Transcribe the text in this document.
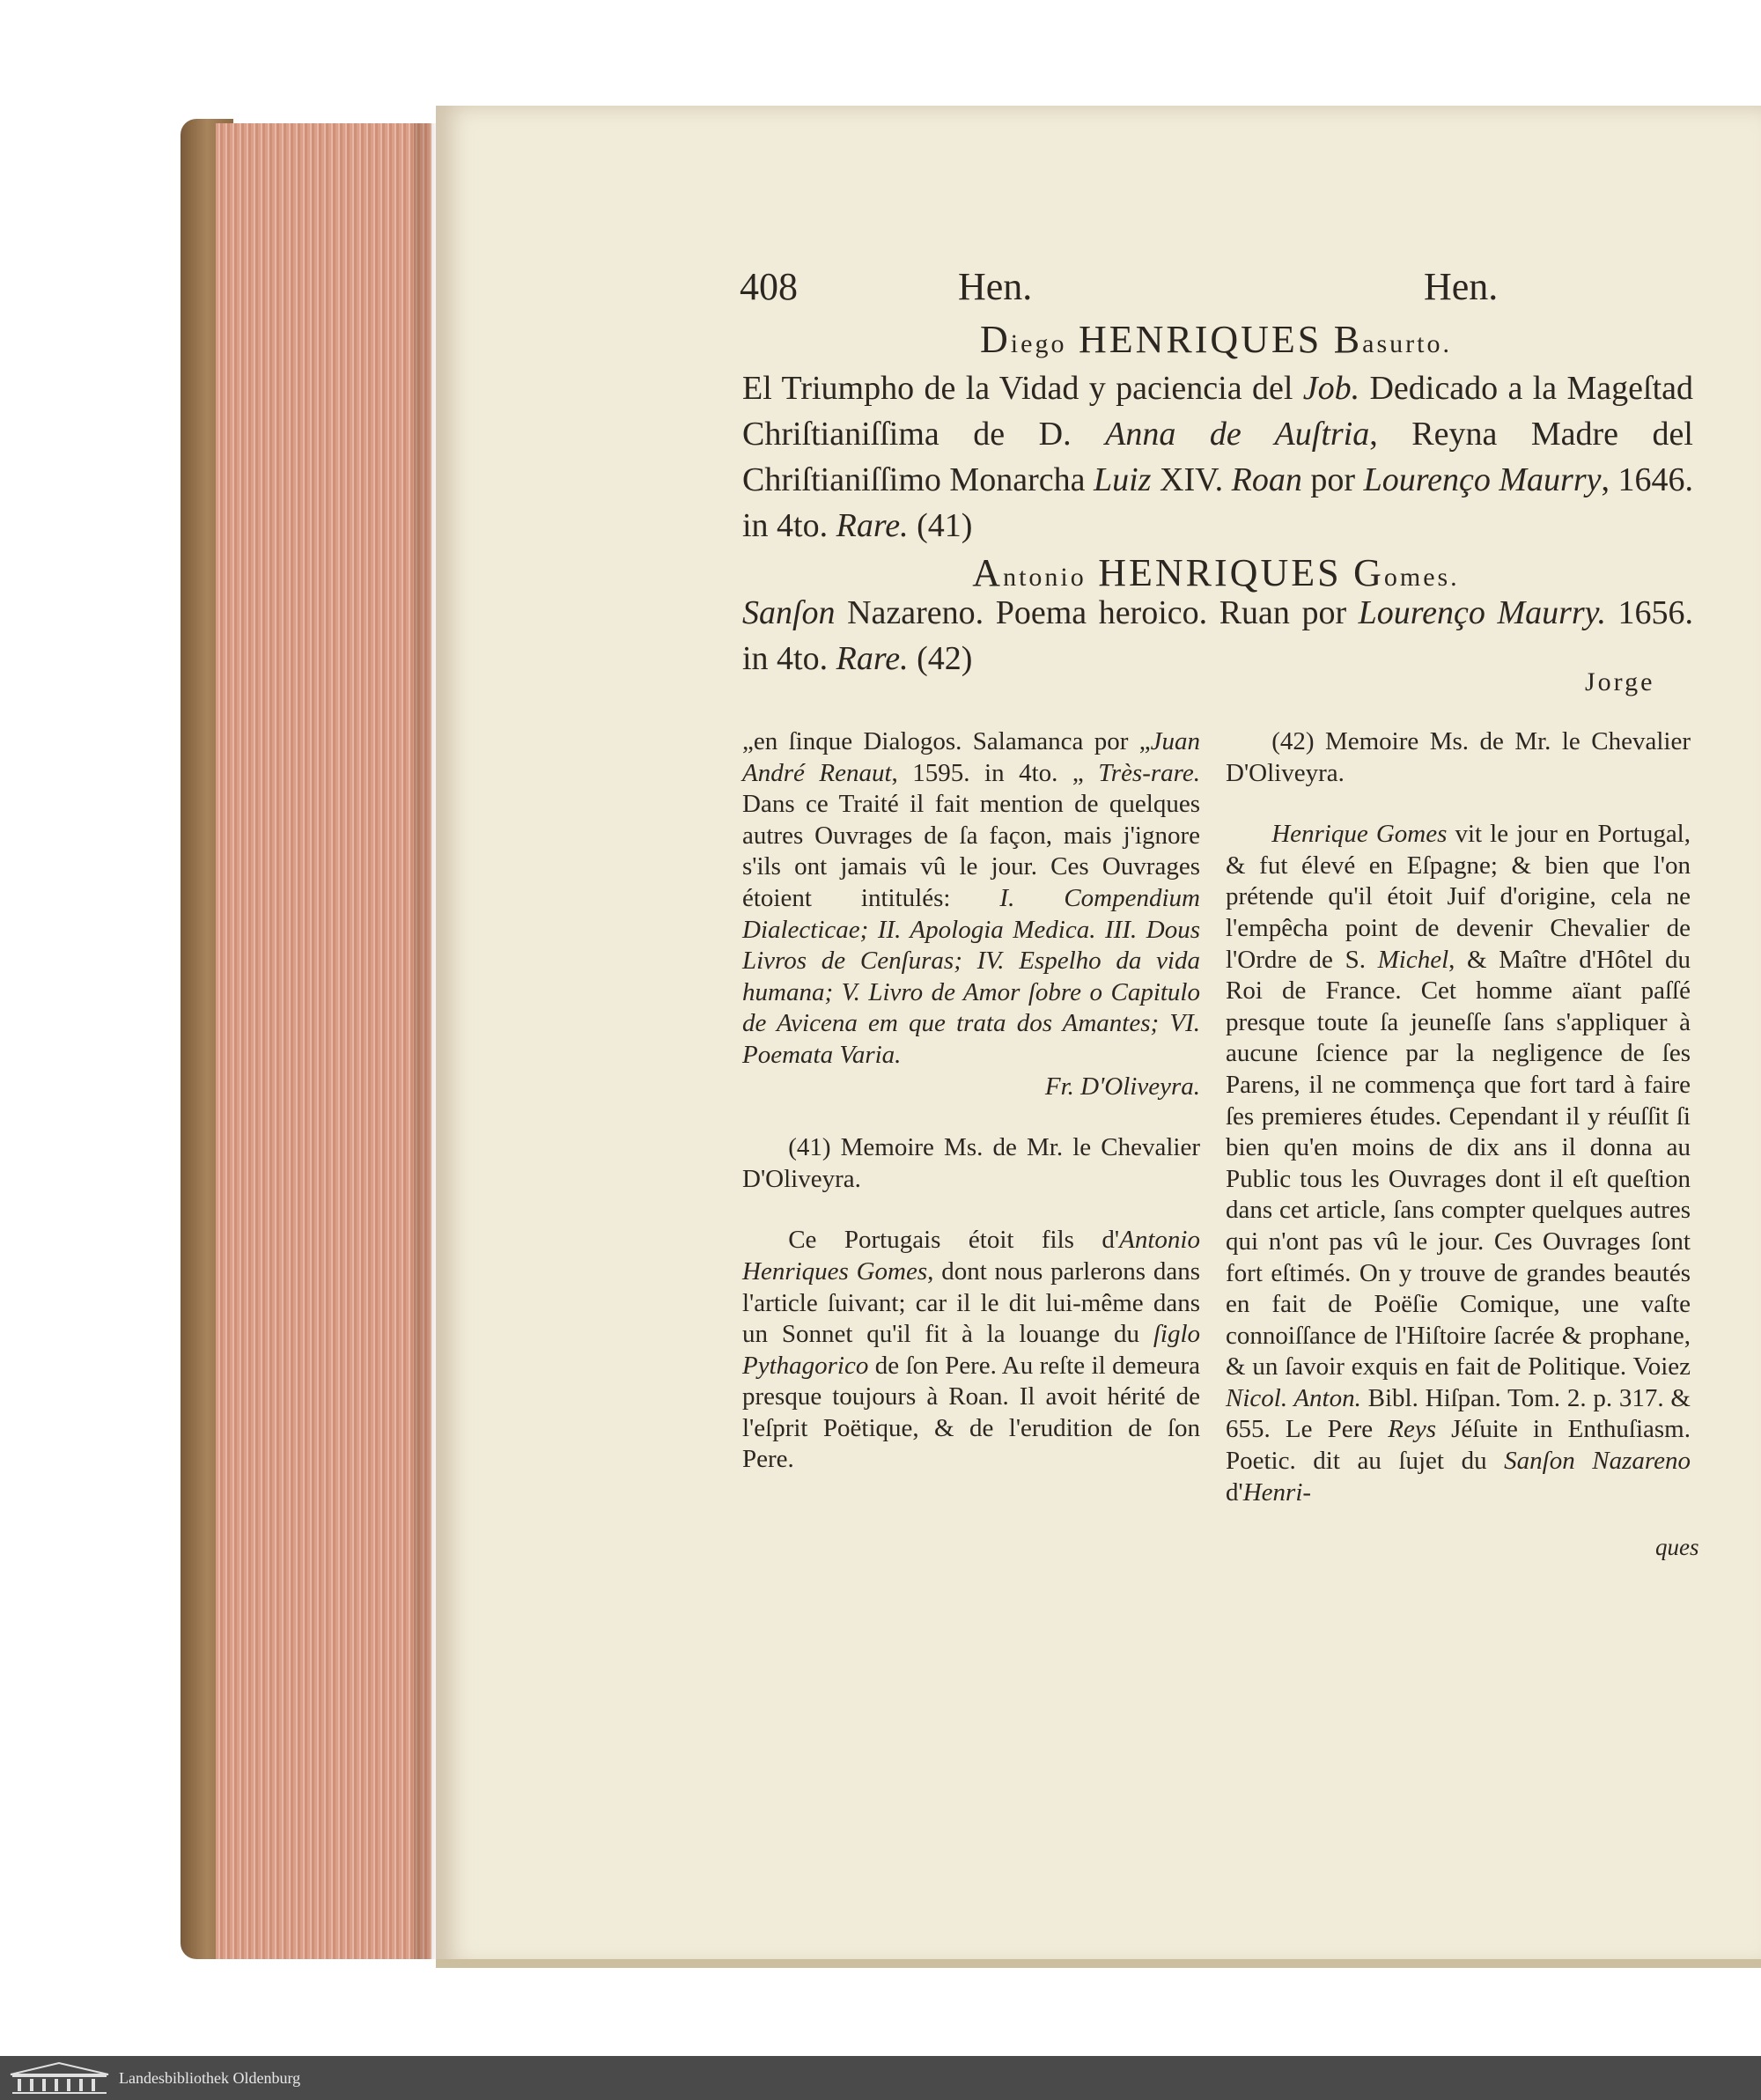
408	Hen.	Hen.
Diego HENRIQUES Basurto.
El Triumpho de la Vidad y paciencia del Job. Dedicado a la Mageſtad Chriſtianiſſima de D. Anna de Auſtria, Reyna Madre del Chriſtianiſſimo Monarcha Luiz XIV. Roan por Lourenço Maurry, 1646. in 4to. Rare. (41)
Antonio HENRIQUES Gomes.
Sanſon Nazareno. Poema heroico. Ruan por Lourenço Maurry. 1656. in 4to. Rare. (42)
Jorge

„en ſinque Dialogos. Salamanca por „Juan André Renaut, 1595. in 4to. „ Très-rare. Dans ce Traité il fait mention de quelques autres Ouvrages de ſa façon, mais j'ignore s'ils ont jamais vû le jour. Ces Ouvrages étoient intitulés: I. Compendium Dialecticae; II. Apologia Medica. III. Dous Livros de Cenſuras; IV. Espelho da vida humana; V. Livro de Amor ſobre o Capitulo de Avicena em que trata dos Amantes; VI. Poemata Varia.

Fr. D'Oliveyra.

(41) Memoire Ms. de Mr. le Chevalier D'Oliveyra.

Ce Portugais étoit fils d'Antonio Henriques Gomes, dont nous parlerons dans l'article ſuivant; car il le dit lui-même dans un Sonnet qu'il fit à la louange du ſiglo Pythagorico de ſon Pere. Au reſte il demeura presque toujours à Roan. Il avoit hérité de l'eſprit Poëtique, & de l'erudition de ſon Pere.

(42) Memoire Ms. de Mr. le Chevalier D'Oliveyra.

Henrique Gomes vit le jour en Portugal, & fut élevé en Eſpagne; & bien que l'on prétende qu'il étoit Juif d'origine, cela ne l'empêcha point de devenir Chevalier de l'Ordre de S. Michel, & Maître d'Hôtel du Roi de France. Cet homme aïant paſſé presque toute ſa jeuneſſe ſans s'appliquer à aucune ſcience par la negligence de ſes Parens, il ne commença que fort tard à faire ſes premieres études. Cependant il y réuſſit ſi bien qu'en moins de dix ans il donna au Public tous les Ouvrages dont il eſt queſtion dans cet article, ſans compter quelques autres qui n'ont pas vû le jour. Ces Ouvrages ſont fort eſtimés. On y trouve de grandes beautés en fait de Poëſie Comique, une vaſte connoiſſance de l'Hiſtoire ſacrée & prophane, & un ſavoir exquis en fait de Politique. Voiez Nicol. Anton. Bibl. Hiſpan. Tom. 2. p. 317. & 655. Le Pere Reys Jéſuite in Enthuſiasm. Poetic. dit au ſujet du Sanſon Nazareno d'Henri-

ques
Landesbibliothek Oldenburg
